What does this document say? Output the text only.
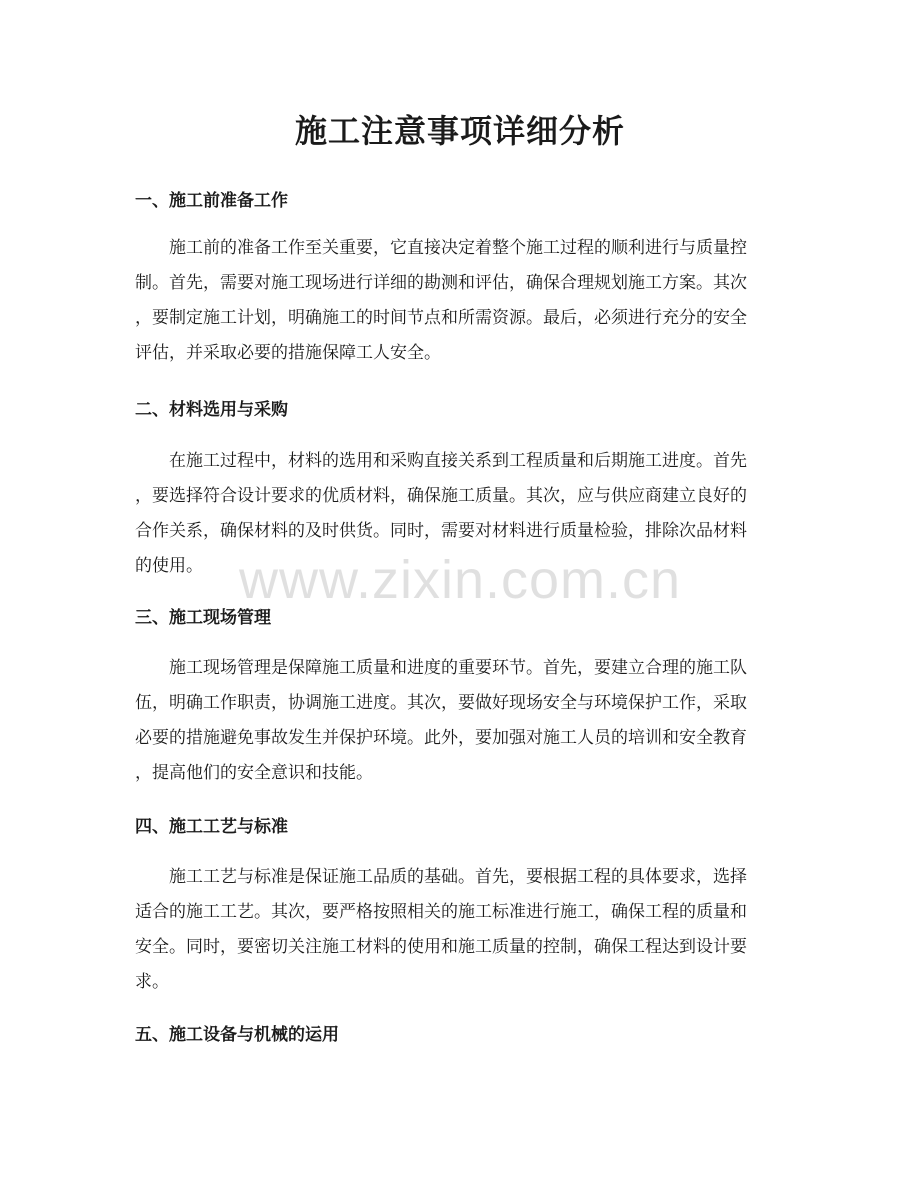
施工注意事项详细分析
一、施工前准备工作

施工前的准备工作至关重要，它直接决定着整个施工过程的顺利进行与质量控
制。首先，需要对施工现场进行详细的勘测和评估，确保合理规划施工方案。其次
，要制定施工计划，明确施工的时间节点和所需资源。最后，必须进行充分的安全
评估，并采取必要的措施保障工人安全。

二、材料选用与采购

在施工过程中，材料的选用和采购直接关系到工程质量和后期施工进度。首先
，要选择符合设计要求的优质材料，确保施工质量。其次，应与供应商建立良好的
合作关系，确保材料的及时供货。同时，需要对材料进行质量检验，排除次品材料
的使用。

三、施工现场管理

施工现场管理是保障施工质量和进度的重要环节。首先，要建立合理的施工队
伍，明确工作职责，协调施工进度。其次，要做好现场安全与环境保护工作，采取
必要的措施避免事故发生并保护环境。此外，要加强对施工人员的培训和安全教育
，提高他们的安全意识和技能。

四、施工工艺与标准

施工工艺与标准是保证施工品质的基础。首先，要根据工程的具体要求，选择
适合的施工工艺。其次，要严格按照相关的施工标准进行施工，确保工程的质量和
安全。同时，要密切关注施工材料的使用和施工质量的控制，确保工程达到设计要
求。

五、施工设备与机械的运用
www.zixin.com.cn
